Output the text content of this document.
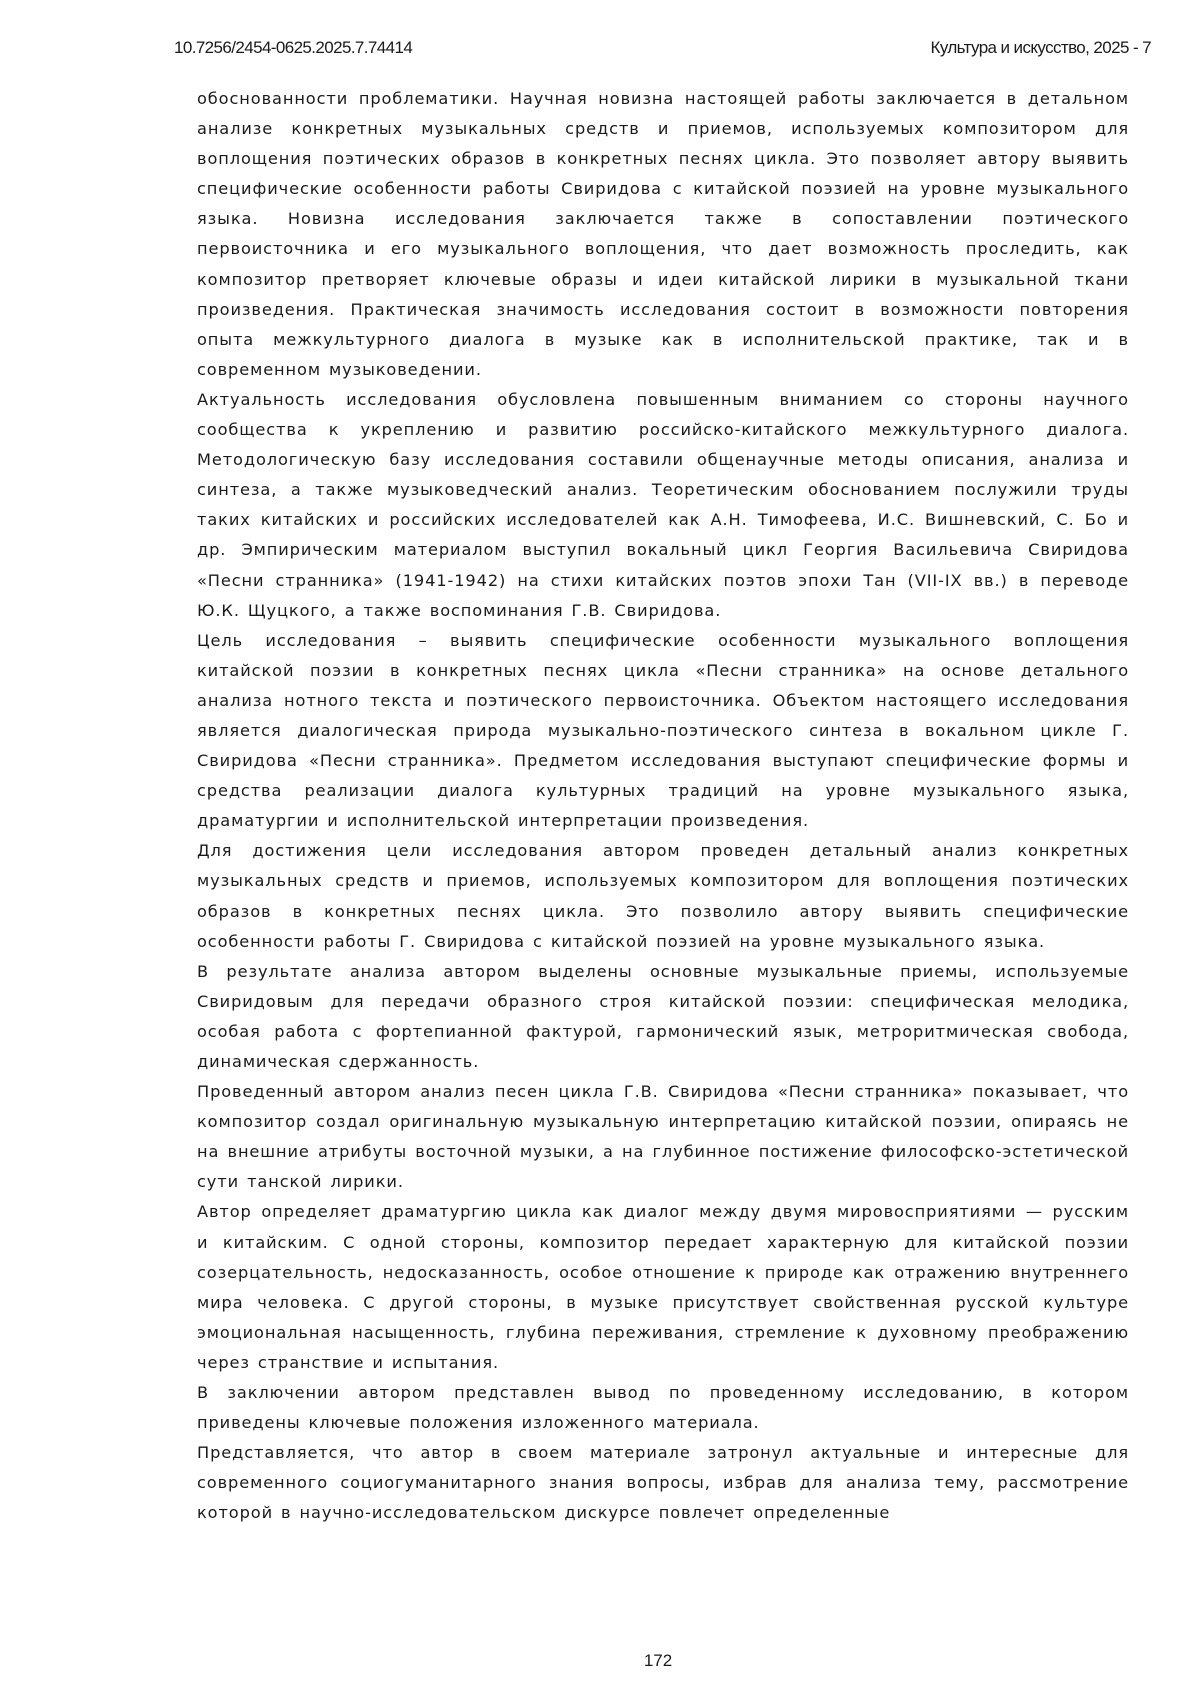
10.7256/2454-0625.2025.7.74414	Культура и искусство, 2025 - 7

обоснованности проблематики. Научная новизна настоящей работы заключается в детальном анализе конкретных музыкальных средств и приемов, используемых композитором для воплощения поэтических образов в конкретных песнях цикла. Это позволяет автору выявить специфические особенности работы Свиридова с китайской поэзией на уровне музыкального языка. Новизна исследования заключается также в сопоставлении поэтического первоисточника и его музыкального воплощения, что дает возможность проследить, как композитор претворяет ключевые образы и идеи китайской лирики в музыкальной ткани произведения. Практическая значимость исследования состоит в возможности повторения опыта межкультурного диалога в музыке как в исполнительской практике, так и в современном музыковедении.

Актуальность исследования обусловлена повышенным вниманием со стороны научного сообщества к укреплению и развитию российско-китайского межкультурного диалога. Методологическую базу исследования составили общенаучные методы описания, анализа и синтеза, а также музыковедческий анализ. Теоретическим обоснованием послужили труды таких китайских и российских исследователей как А.Н. Тимофеева, И.С. Вишневский, С. Бо и др. Эмпирическим материалом выступил вокальный цикл Георгия Васильевича Свиридова «Песни странника» (1941-1942) на стихи китайских поэтов эпохи Тан (VII-IX вв.) в переводе Ю.К. Щуцкого, а также воспоминания Г.В. Свиридова.

Цель исследования – выявить специфические особенности музыкального воплощения китайской поэзии в конкретных песнях цикла «Песни странника» на основе детального анализа нотного текста и поэтического первоисточника. Объектом настоящего исследования является диалогическая природа музыкально-поэтического синтеза в вокальном цикле Г. Свиридова «Песни странника». Предметом исследования выступают специфические формы и средства реализации диалога культурных традиций на уровне музыкального языка, драматургии и исполнительской интерпретации произведения.

Для достижения цели исследования автором проведен детальный анализ конкретных музыкальных средств и приемов, используемых композитором для воплощения поэтических образов в конкретных песнях цикла. Это позволило автору выявить специфические особенности работы Г. Свиридова с китайской поэзией на уровне музыкального языка.

В результате анализа автором выделены основные музыкальные приемы, используемые Свиридовым для передачи образного строя китайской поэзии: специфическая мелодика, особая работа с фортепианной фактурой, гармонический язык, метроритмическая свобода, динамическая сдержанность.

Проведенный автором анализ песен цикла Г.В. Свиридова «Песни странника» показывает, что композитор создал оригинальную музыкальную интерпретацию китайской поэзии, опираясь не на внешние атрибуты восточной музыки, а на глубинное постижение философско-эстетической сути танской лирики.

Автор определяет драматургию цикла как диалог между двумя мировосприятиями — русским и китайским. С одной стороны, композитор передает характерную для китайской поэзии созерцательность, недосказанность, особое отношение к природе как отражению внутреннего мира человека. С другой стороны, в музыке присутствует свойственная русской культуре эмоциональная насыщенность, глубина переживания, стремление к духовному преображению через странствие и испытания.

В заключении автором представлен вывод по проведенному исследованию, в котором приведены ключевые положения изложенного материала.

Представляется, что автор в своем материале затронул актуальные и интересные для современного социогуманитарного знания вопросы, избрав для анализа тему, рассмотрение которой в научно-исследовательском дискурсе повлечет определенные

172
